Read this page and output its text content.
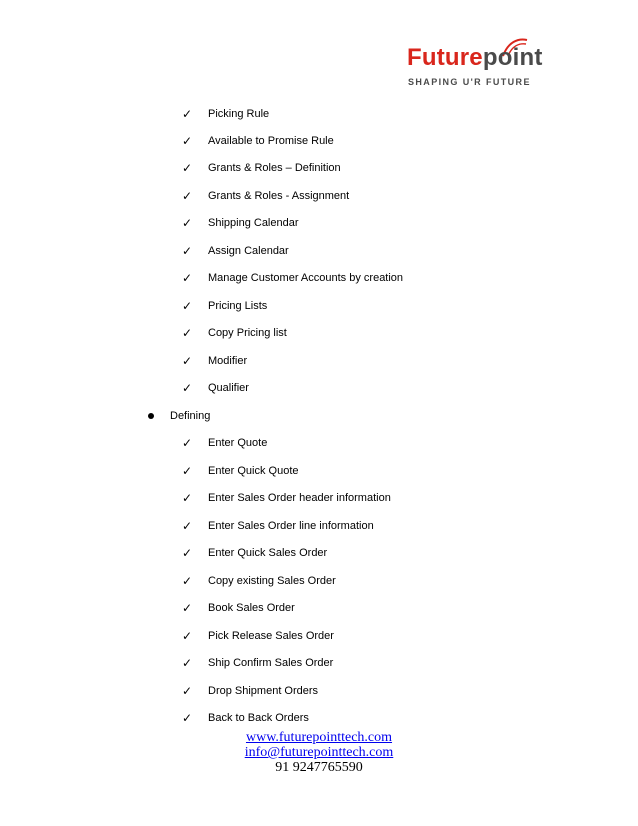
Futurepoint
SHAPING U'R FUTURE
✓	Picking Rule
✓	Available to Promise Rule
✓	Grants & Roles – Definition
✓	Grants & Roles - Assignment
✓	Shipping Calendar
✓	Assign Calendar
✓	Manage Customer Accounts by creation
✓	Pricing Lists
✓	Copy Pricing list
✓	Modifier
✓	Qualifier
Defining
✓	Enter Quote
✓	Enter Quick Quote
✓	Enter Sales Order header information
✓	Enter Sales Order line information
✓	Enter Quick Sales Order
✓	Copy existing Sales Order
✓	Book Sales Order
✓	Pick Release Sales Order
✓	Ship Confirm Sales Order
✓	Drop Shipment Orders
✓	Back to Back Orders
www.futurepointtech.com
info@futurepointtech.com
91 9247765590
